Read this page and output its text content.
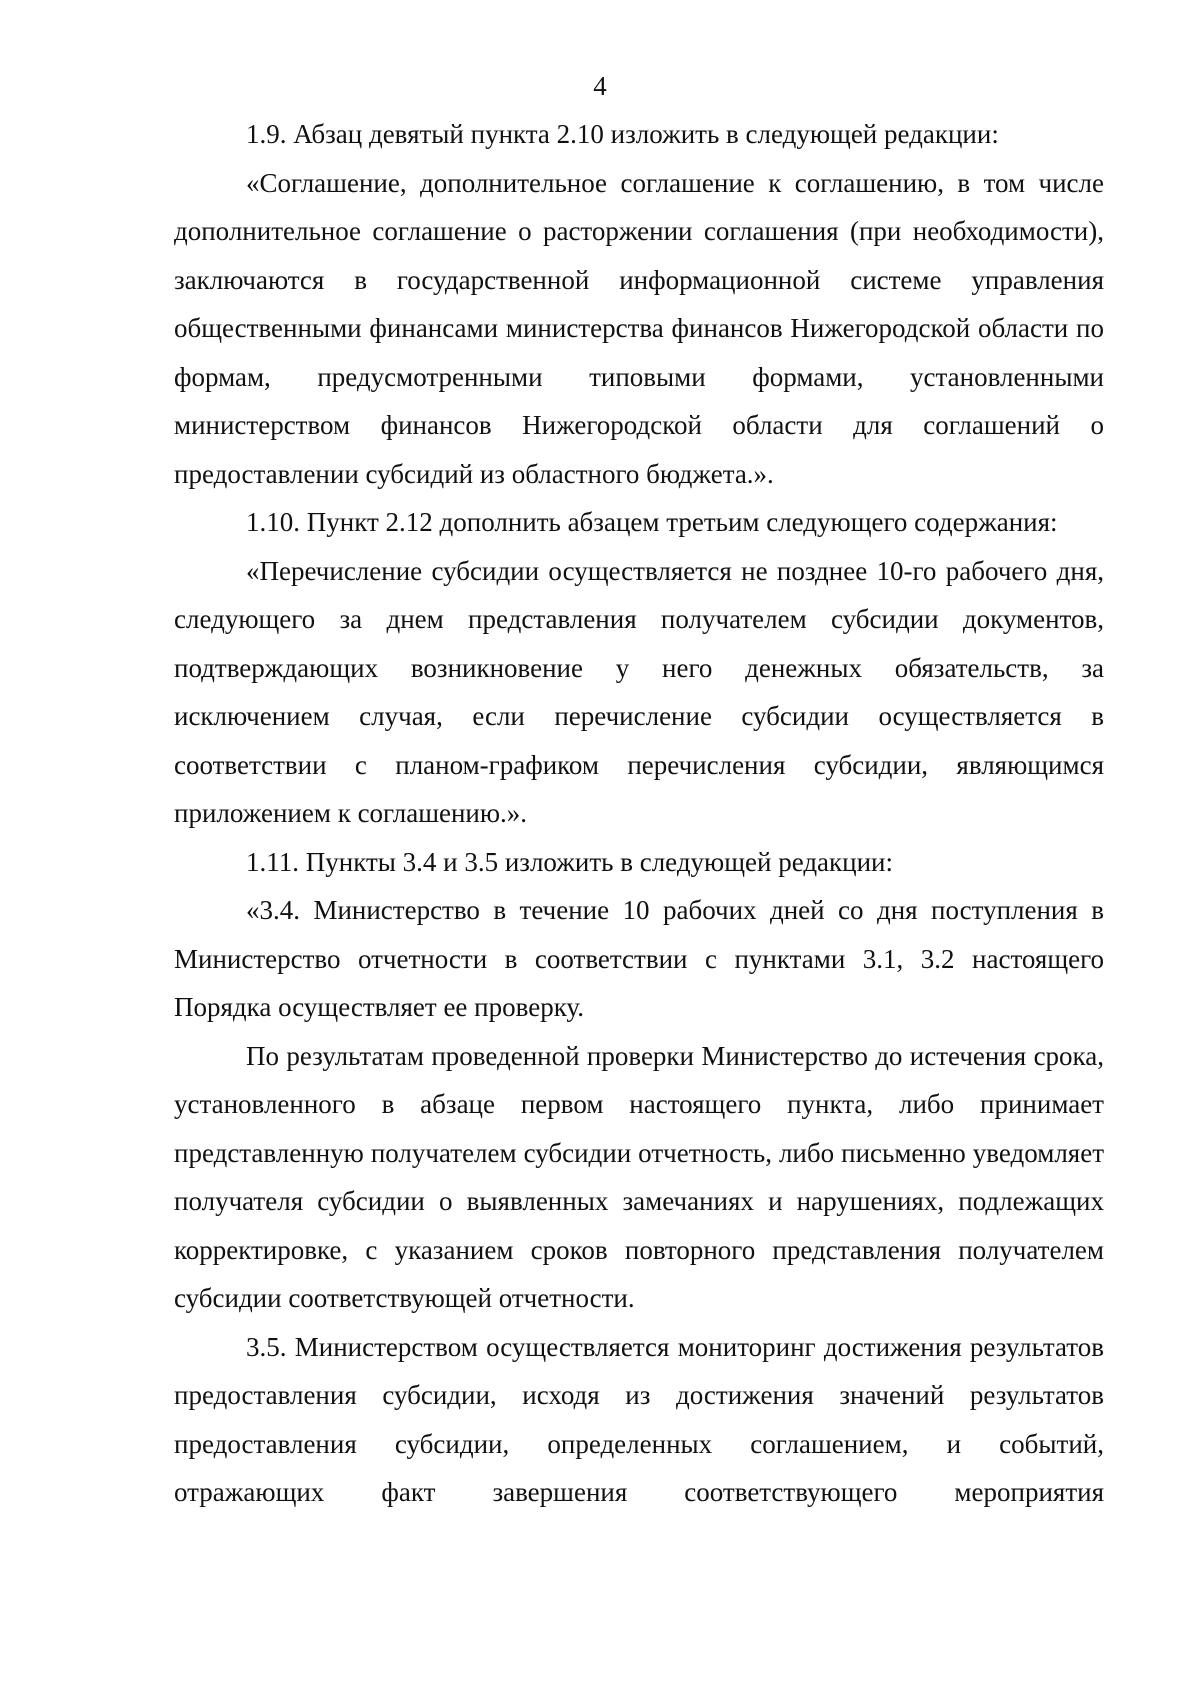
4

1.9. Абзац девятый пункта 2.10 изложить в следующей редакции:

«Соглашение, дополнительное соглашение к соглашению, в том числе дополнительное соглашение о расторжении соглашения (при необходимости), заключаются в государственной информационной системе управления общественными финансами министерства финансов Нижегородской области по формам, предусмотренными типовыми формами, установленными министерством финансов Нижегородской области для соглашений о предоставлении субсидий из областного бюджета.».

1.10. Пункт 2.12 дополнить абзацем третьим следующего содержания:

«Перечисление субсидии осуществляется не позднее 10-го рабочего дня, следующего за днем представления получателем субсидии документов, подтверждающих возникновение у него денежных обязательств, за исключением случая, если перечисление субсидии осуществляется в соответствии с планом-графиком перечисления субсидии, являющимся приложением к соглашению.».

1.11. Пункты 3.4 и 3.5 изложить в следующей редакции:

«3.4. Министерство в течение 10 рабочих дней со дня поступления в Министерство отчетности в соответствии с пунктами 3.1, 3.2 настоящего Порядка осуществляет ее проверку.

По результатам проведенной проверки Министерство до истечения срока, установленного в абзаце первом настоящего пункта, либо принимает представленную получателем субсидии отчетность, либо письменно уведомляет получателя субсидии о выявленных замечаниях и нарушениях, подлежащих корректировке, с указанием сроков повторного представления получателем субсидии соответствующей отчетности.

3.5. Министерством осуществляется мониторинг достижения результатов предоставления субсидии, исходя из достижения значений результатов предоставления субсидии, определенных соглашением, и событий, отражающих факт завершения соответствующего мероприятия
